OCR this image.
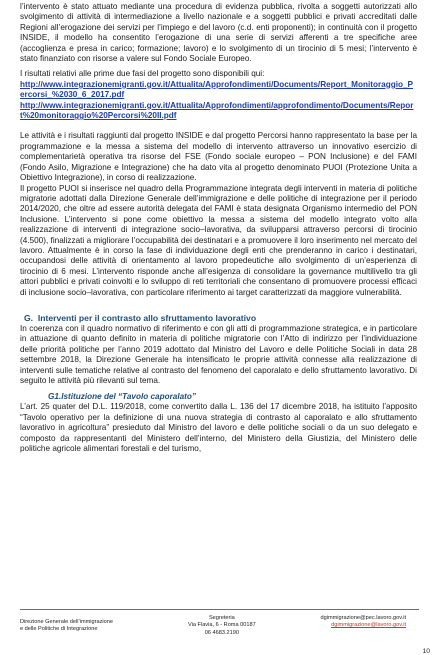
l’intervento è stato attuato mediante una procedura di evidenza pubblica, rivolta a soggetti autorizzati allo svolgimento di attività di intermediazione a livello nazionale e a soggetti pubblici e privati accreditati dalle Regioni all’erogazione dei servizi per l’impiego e del lavoro (c.d. enti proponenti); in continuità con il progetto INSIDE, il modello ha consentito l’erogazione di una serie di servizi afferenti a tre specifiche aree (accoglienza e presa in carico; formazione; lavoro) e lo svolgimento di un tirocinio di 5 mesi; l’intervento è stato finanziato con risorse a valere sul Fondo Sociale Europeo.

I risultati relativi alle prime due fasi del progetto sono disponibili qui:

http://www.integrazionemigranti.gov.it/Attualita/Approfondimenti/Documents/Report_Monitoraggio_Percorsi_%2030_6_2017.pdf
http://www.integrazionemigranti.gov.it/Attualita/Approfondimenti/approfondimento/Documents/Report%20monitoraggio%20Percorsi%20II.pdf

Le attività e i risultati raggiunti dal progetto INSIDE e dal progetto Percorsi hanno rappresentato la base per la programmazione e la messa a sistema del modello di intervento attraverso un innovativo esercizio di complementarietà operativa tra risorse del FSE (Fondo sociale europeo – PON Inclusione) e del FAMI (Fondo Asilo, Migrazione e Integrazione) che ha dato vita al progetto denominato PUOI (Protezione Unita a Obiettivo Integrazione), in corso di realizzazione.

Il progetto PUOI si inserisce nel quadro della Programmazione integrata degli interventi in materia di politiche migratorie adottati dalla Direzione Generale dell’immigrazione e delle politiche di integrazione per il periodo 2014/2020, che oltre ad essere autorità delegata del FAMI è stata designata Organismo intermedio del PON Inclusione. L’intervento si pone come obiettivo la messa a sistema del modello integrato volto alla realizzazione di interventi di integrazione socio–lavorativa, da svilupparsi attraverso percorsi di tirocinio (4.500), finalizzati a migliorare l’occupabilità dei destinatari e a promuovere il loro inserimento nel mercato del lavoro. Attualmente è in corso la fase di individuazione degli enti che prenderanno in carico i destinatari, occupandosi delle attività di orientamento al lavoro propedeutiche allo svolgimento di un’esperienza di tirocinio di 6 mesi. L’intervento risponde anche all’esigenza di consolidare la governance multilivello tra gli attori pubblici e privati coinvolti e lo sviluppo di reti territoriali che consentano di promuovere processi efficaci di inclusione socio–lavorativa, con particolare riferimento ai target caratterizzati da maggiore vulnerabilità.

G.  Interventi per il contrasto allo sfruttamento lavorativo

In coerenza con il quadro normativo di riferimento e con gli atti di programmazione strategica, e in particolare in attuazione di quanto definito in materia di politiche migratorie con l’Atto di indirizzo per l’individuazione delle priorità politiche per l’anno 2019 adottato dal Ministro del Lavoro e delle Politiche Sociali in data 28 settembre 2018, la Direzione Generale ha intensificato le proprie attività connesse alla realizzazione di interventi sulle tematiche relative al contrasto del fenomeno del caporalato e dello sfruttamento lavorativo. Di seguito le attività più rilevanti sul tema.

G1.Istituzione del “Tavolo caporalato”

L’art. 25 quater del D.L. 119/2018, come convertito dalla L. 136 del 17 dicembre 2018, ha istituito l’apposito “Tavolo operativo per la definizione di una nuova strategia di contrasto al caporalato e allo sfruttamento lavorativo in agricoltura” presieduto dal Ministro del lavoro e delle politiche sociali o da un suo delegato e composto da rappresentanti del Ministero dell’interno, del Ministero della Giustizia, del Ministero delle politiche agricole alimentari forestali e del turismo,

Direzione Generale dell’immigrazione
e delle Politiche di Integrazione
Segreteria
Via Flavia, 6 - Roma 00187
06 4683.2190
dgimmigrazione@pec.lavoro.gov.it
dgimmigrazione@lavoro.gov.it
10
